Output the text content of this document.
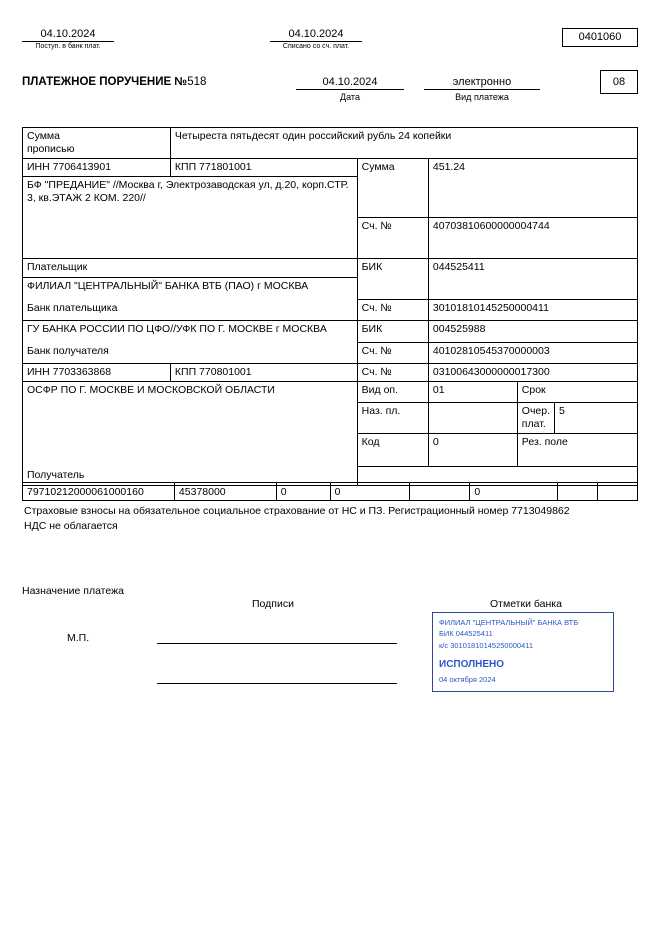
04.10.2024
Поступ. в банк плат.
04.10.2024
Списано со сч. плат.
0401060
ПЛАТЕЖНОЕ ПОРУЧЕНИЕ №518	04.10.2024
Дата
электронно
Вид платежа
08
Сумма
прописью	Четыреста пятьдесят один российский рубль 24 копейки				
ИНН 7706413901	КПП 771801001	Сумма	451.24		

БФ "ПРЕДАНИЕ" //Москва г, Электрозаводская ул, д.20, корп.СТР. 3, кв.ЭТАЖ 2 КОМ. 220//					

		Сч. №	40703810600000004744		
Плательщик		БИК	044525411		
ФИЛИАЛ "ЦЕНТРАЛЬНЫЙ" БАНКА ВТБ (ПАО) г МОСКВА					
Банк плательщика		Сч. №	30101810145250000411		
ГУ БАНКА РОССИИ ПО ЦФО//УФК ПО Г. МОСКВЕ г МОСКВА		БИК	004525988		
Банк получателя		Сч. №	40102810545370000003		
ИНН 7703363868	КПП 770801001	Сч. №	03100643000000017300		

ОСФР ПО Г. МОСКВЕ И МОСКОВСКОЙ ОБЛАСТИ		Вид оп.	01	Срок	
		Наз. пл.		Очер. плат.	5
		Код	0	Рез. поле	
Получатель					
79710212000061000160	45378000	0	0		0		
Страховые взносы на обязательное социальное страхование от НС и ПЗ. Регистрационный номер 7713049862
НДС не облагается
Назначение платежа
Подписи	Отметки банка
М.П.
ФИЛИАЛ "ЦЕНТРАЛЬНЫЙ" БАНКА ВТБ
БИК 044525411
к/с 30101810145250000411
ИСПОЛНЕНО
04 октября 2024
